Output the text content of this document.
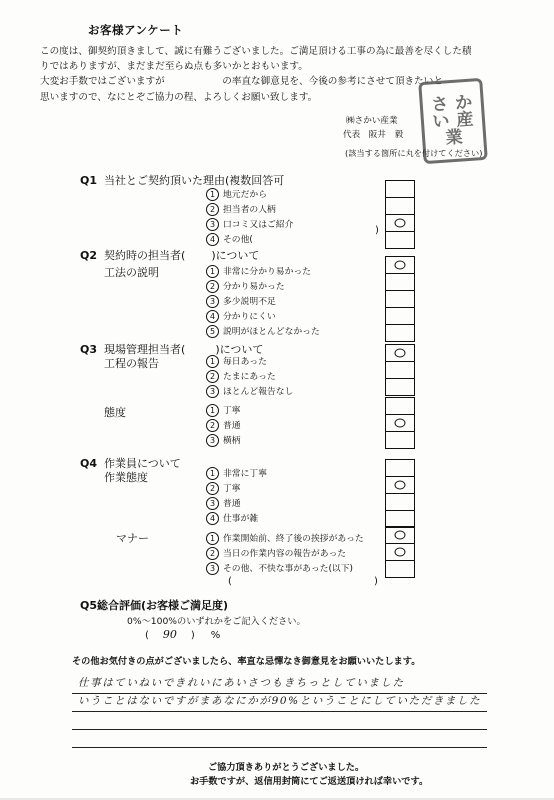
お客様アンケート
この度は、御契約頂きまして、誠に有難うございました。ご満足頂ける工事の為に最善を尽くした積
りではありますが、まだまだ至らぬ点も多いかとおもいます。
大変お手数ではございますが　　　　　　の率直な御意見を、今後の参考にさせて頂きたいと
思いますので、なにとぞご協力の程、よろしくお願い致します。
㈱さかい産業
代表　阪井　毅
さ か
い 産
業
(該当する箇所に丸を付けてください)
Q1 当社とご契約頂いた理由(複数回答可
1 地元だから
2 担当者の人柄
3 口コミ又はご紹介
4 その他(
)
Q2 契約時の担当者( )について
工法の説明	1 非常に分かり易かった
2 分かり易かった
3 多少説明不足
4 分かりにくい
5 説明がほとんどなかった
Q3 現場管理担当者(	)について
工程の報告	1 毎日あった
2 たまにあった
3 ほとんど報告なし
態度	1 丁寧
2 普通
3 横柄
Q4 作業員について
作業態度	1 非常に丁寧
2 丁寧
3 普通
4 仕事が雑
マナー	1 作業開始前、終了後の挨拶があった
2 当日の作業内容の報告があった
3 その他、不快な事があった(以下)
(	)
Q5総合評価(お客様ご満足度)
0%～100%のいずれかをご記入ください。
( 90 ) %
その他お気付きの点がございましたら、率直な忌憚なき御意見をお願いいたします。
仕事はていねいできれいにあいさつもきちっとしていました
いうことはないですがまあなにかが90%ということにしていただきました
ご協力頂きありがとうございました。
お手数ですが、返信用封筒にてご返送頂ければ幸いです。
